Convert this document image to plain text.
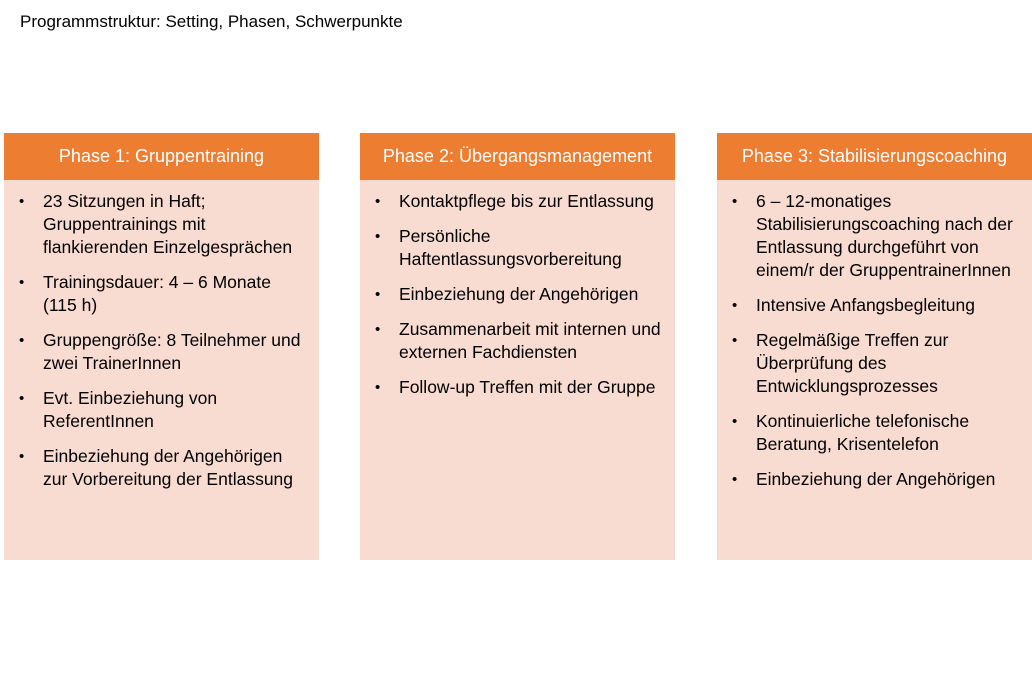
Programmstruktur: Setting, Phasen, Schwerpunkte
Phase 1: Gruppentraining
• 23 Sitzungen in Haft; Gruppentrainings mit flankierenden Einzelgesprächen
• Trainingsdauer: 4 – 6 Monate (115 h)
• Gruppengröße: 8 Teilnehmer und zwei TrainerInnen
• Evt. Einbeziehung von ReferentInnen
• Einbeziehung der Angehörigen zur Vorbereitung der Entlassung
Phase 2: Übergangsmanagement
• Kontaktpflege bis zur Entlassung
• Persönliche Haftentlassungsvorbereitung
• Einbeziehung der Angehörigen
• Zusammenarbeit mit internen und externen Fachdiensten
• Follow-up Treffen mit der Gruppe
Phase 3: Stabilisierungscoaching
• 6 – 12-monatiges Stabilisierungscoaching nach der Entlassung durchgeführt von einem/r der GruppentrainerInnen
• Intensive Anfangsbegleitung
• Regelmäßige Treffen zur Überprüfung des Entwicklungsprozesses
• Kontinuierliche telefonische Beratung, Krisentelefon
• Einbeziehung der Angehörigen
